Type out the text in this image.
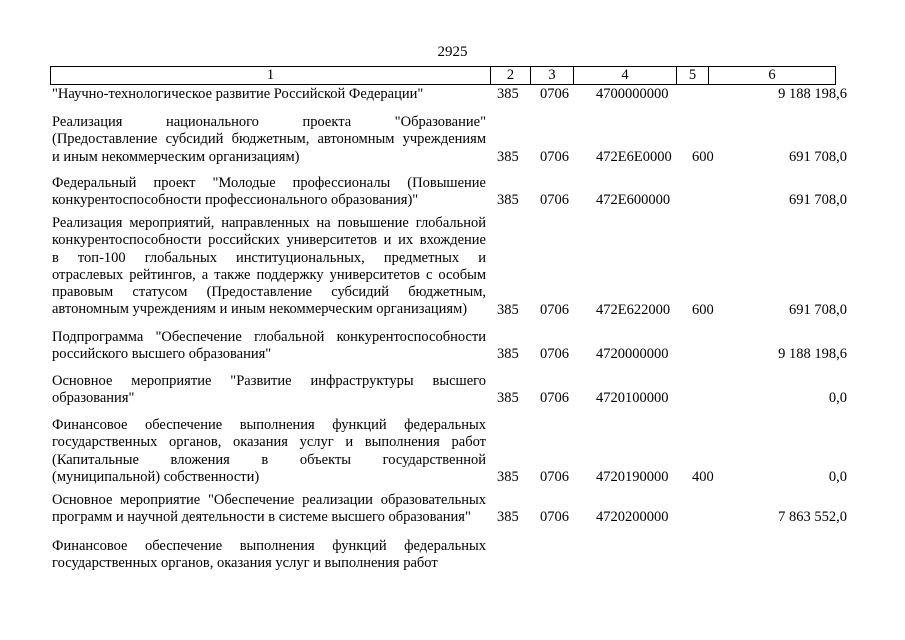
2925
1	2	3	4	5	6
"Научно-технологическое развитие Российской Федерации"	385 0706 4700000000	9 188 198,6
Реализация национального проекта "Образование"
(Предоставление субсидий бюджетным, автономным учреждениям
и иным некоммерческим организациям)	385 0706 472E6E0000 600	691 708,0
Федеральный проект "Молодые профессионалы (Повышение
конкурентоспособности профессионального образования)"	385 0706 472E600000	691 708,0
Реализация мероприятий, направленных на повышение глобальной
конкурентоспособности российских университетов и их вхождение
в топ-100 глобальных институциональных, предметных и
отраслевых рейтингов, а также поддержку университетов с особым
правовым статусом (Предоставление субсидий бюджетным,
автономным учреждениям и иным некоммерческим организациям)	385 0706 472E622000 600	691 708,0
Подпрограмма "Обеспечение глобальной конкурентоспособности
российского высшего образования"	385 0706 4720000000	9 188 198,6
Основное мероприятие "Развитие инфраструктуры высшего
образования"	385 0706 4720100000	0,0
Финансовое обеспечение выполнения функций федеральных
государственных органов, оказания услуг и выполнения работ
(Капитальные вложения в объекты государственной
(муниципальной) собственности)	385 0706 4720190000 400	0,0
Основное мероприятие "Обеспечение реализации образовательных
программ и научной деятельности в системе высшего образования"	385 0706 4720200000	7 863 552,0
Финансовое обеспечение выполнения функций федеральных
государственных органов, оказания услуг и выполнения работ
